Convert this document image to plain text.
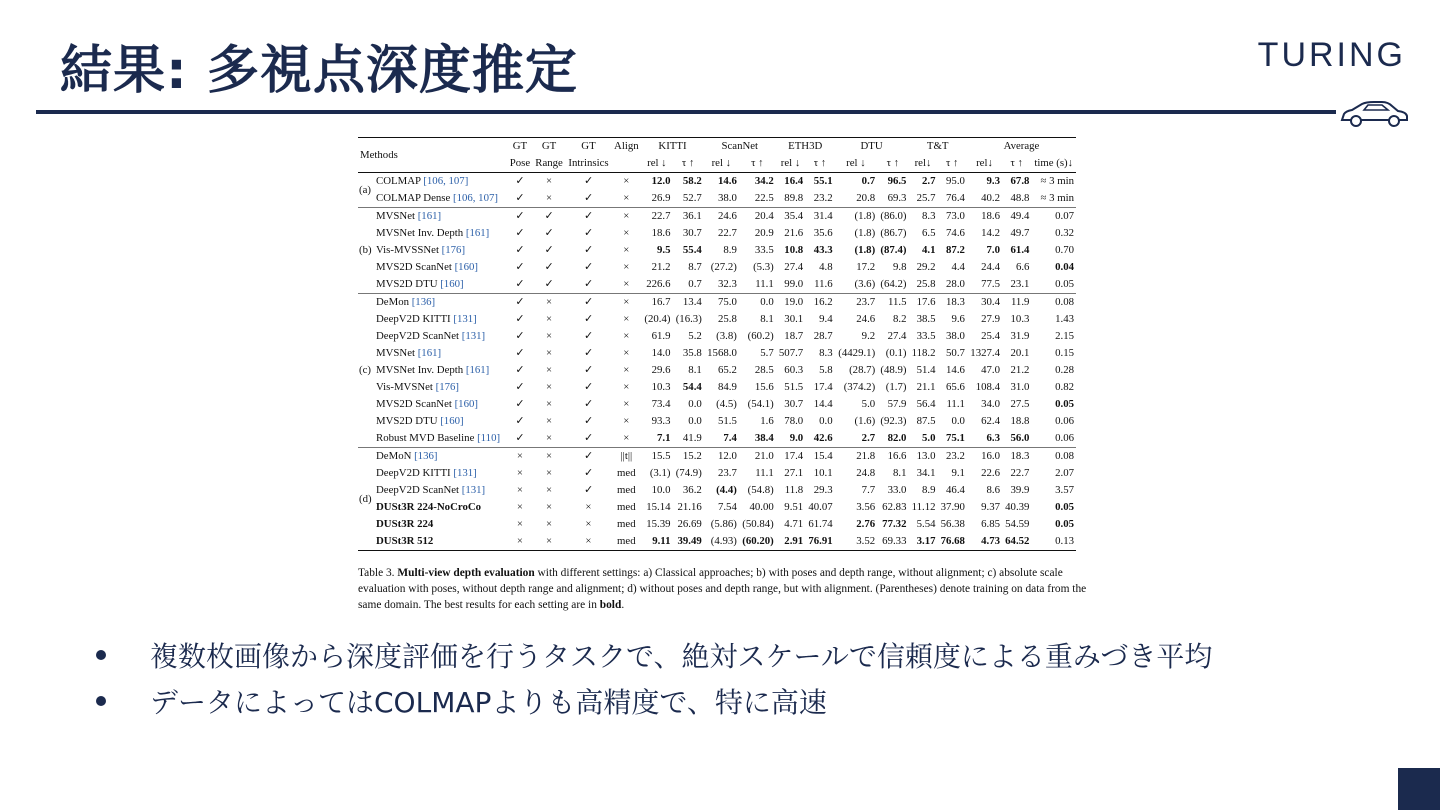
結果: 多視点深度推定	TURING
Methods		GT	GT	GT	Align	KITTI		ScanNet		ETH3D		DTU		T&T		Average		
		Pose	Range	Intrinsics		rel ↓	τ ↑	rel ↓	τ ↑	rel ↓	τ ↑	rel ↓	τ ↑	rel↓	τ ↑	rel↓	τ ↑	time (s)↓
(a)	COLMAP [106, 107]	✓	×	✓	×	12.0	58.2	14.6	34.2	16.4	55.1	0.7	96.5	2.7	95.0	9.3	67.8	≈ 3 min
	COLMAP Dense [106, 107]	✓	×	✓	×	26.9	52.7	38.0	22.5	89.8	23.2	20.8	69.3	25.7	76.4	40.2	48.8	≈ 3 min
(b)	MVSNet [161]	✓	✓	✓	×	22.7	36.1	24.6	20.4	35.4	31.4	(1.8)	(86.0)	8.3	73.0	18.6	49.4	0.07
	MVSNet Inv. Depth [161]	✓	✓	✓	×	18.6	30.7	22.7	20.9	21.6	35.6	(1.8)	(86.7)	6.5	74.6	14.2	49.7	0.32
	Vis-MVSSNet [176]	✓	✓	✓	×	9.5	55.4	8.9	33.5	10.8	43.3	(1.8)	(87.4)	4.1	87.2	7.0	61.4	0.70
	MVS2D ScanNet [160]	✓	✓	✓	×	21.2	8.7	(27.2)	(5.3)	27.4	4.8	17.2	9.8	29.2	4.4	24.4	6.6	0.04
	MVS2D DTU [160]	✓	✓	✓	×	226.6	0.7	32.3	11.1	99.0	11.6	(3.6)	(64.2)	25.8	28.0	77.5	23.1	0.05
(c)	DeMon [136]	✓	×	✓	×	16.7	13.4	75.0	0.0	19.0	16.2	23.7	11.5	17.6	18.3	30.4	11.9	0.08
	DeepV2D KITTI [131]	✓	×	✓	×	(20.4)	(16.3)	25.8	8.1	30.1	9.4	24.6	8.2	38.5	9.6	27.9	10.3	1.43
	DeepV2D ScanNet [131]	✓	×	✓	×	61.9	5.2	(3.8)	(60.2)	18.7	28.7	9.2	27.4	33.5	38.0	25.4	31.9	2.15
	MVSNet [161]	✓	×	✓	×	14.0	35.8	1568.0	5.7	507.7	8.3	(4429.1)	(0.1)	118.2	50.7	1327.4	20.1	0.15
	MVSNet Inv. Depth [161]	✓	×	✓	×	29.6	8.1	65.2	28.5	60.3	5.8	(28.7)	(48.9)	51.4	14.6	47.0	21.2	0.28
	Vis-MVSNet [176]	✓	×	✓	×	10.3	54.4	84.9	15.6	51.5	17.4	(374.2)	(1.7)	21.1	65.6	108.4	31.0	0.82
	MVS2D ScanNet [160]	✓	×	✓	×	73.4	0.0	(4.5)	(54.1)	30.7	14.4	5.0	57.9	56.4	11.1	34.0	27.5	0.05
	MVS2D DTU [160]	✓	×	✓	×	93.3	0.0	51.5	1.6	78.0	0.0	(1.6)	(92.3)	87.5	0.0	62.4	18.8	0.06
	Robust MVD Baseline [110]	✓	×	✓	×	7.1	41.9	7.4	38.4	9.0	42.6	2.7	82.0	5.0	75.1	6.3	56.0	0.06
(d)	DeMoN [136]	×	×	✓	||t||	15.5	15.2	12.0	21.0	17.4	15.4	21.8	16.6	13.0	23.2	16.0	18.3	0.08
	DeepV2D KITTI [131]	×	×	✓	med	(3.1)	(74.9)	23.7	11.1	27.1	10.1	24.8	8.1	34.1	9.1	22.6	22.7	2.07
	DeepV2D ScanNet [131]	×	×	✓	med	10.0	36.2	(4.4)	(54.8)	11.8	29.3	7.7	33.0	8.9	46.4	8.6	39.9	3.57
	DUSt3R 224-NoCroCo	×	×	×	med	15.14	21.16	7.54	40.00	9.51	40.07	3.56	62.83	11.12	37.90	9.37	40.39	0.05
	DUSt3R 224	×	×	×	med	15.39	26.69	(5.86)	(50.84)	4.71	61.74	2.76	77.32	5.54	56.38	6.85	54.59	0.05
	DUSt3R 512	×	×	×	med	9.11	39.49	(4.93)	(60.20)	2.91	76.91	3.52	69.33	3.17	76.68	4.73	64.52	0.13
Table 3. Multi-view depth evaluation with different settings: a) Classical approaches; b) with poses and depth range, without alignment; c) absolute scale evaluation with poses, without depth range and alignment; d) without poses and depth range, but with alignment. (Parentheses) denote training on data from the same domain. The best results for each setting are in bold.
複数枚画像から深度評価を行うタスクで、絶対スケールで信頼度による重みづき平均
データによってはCOLMAPよりも高精度で、特に高速
